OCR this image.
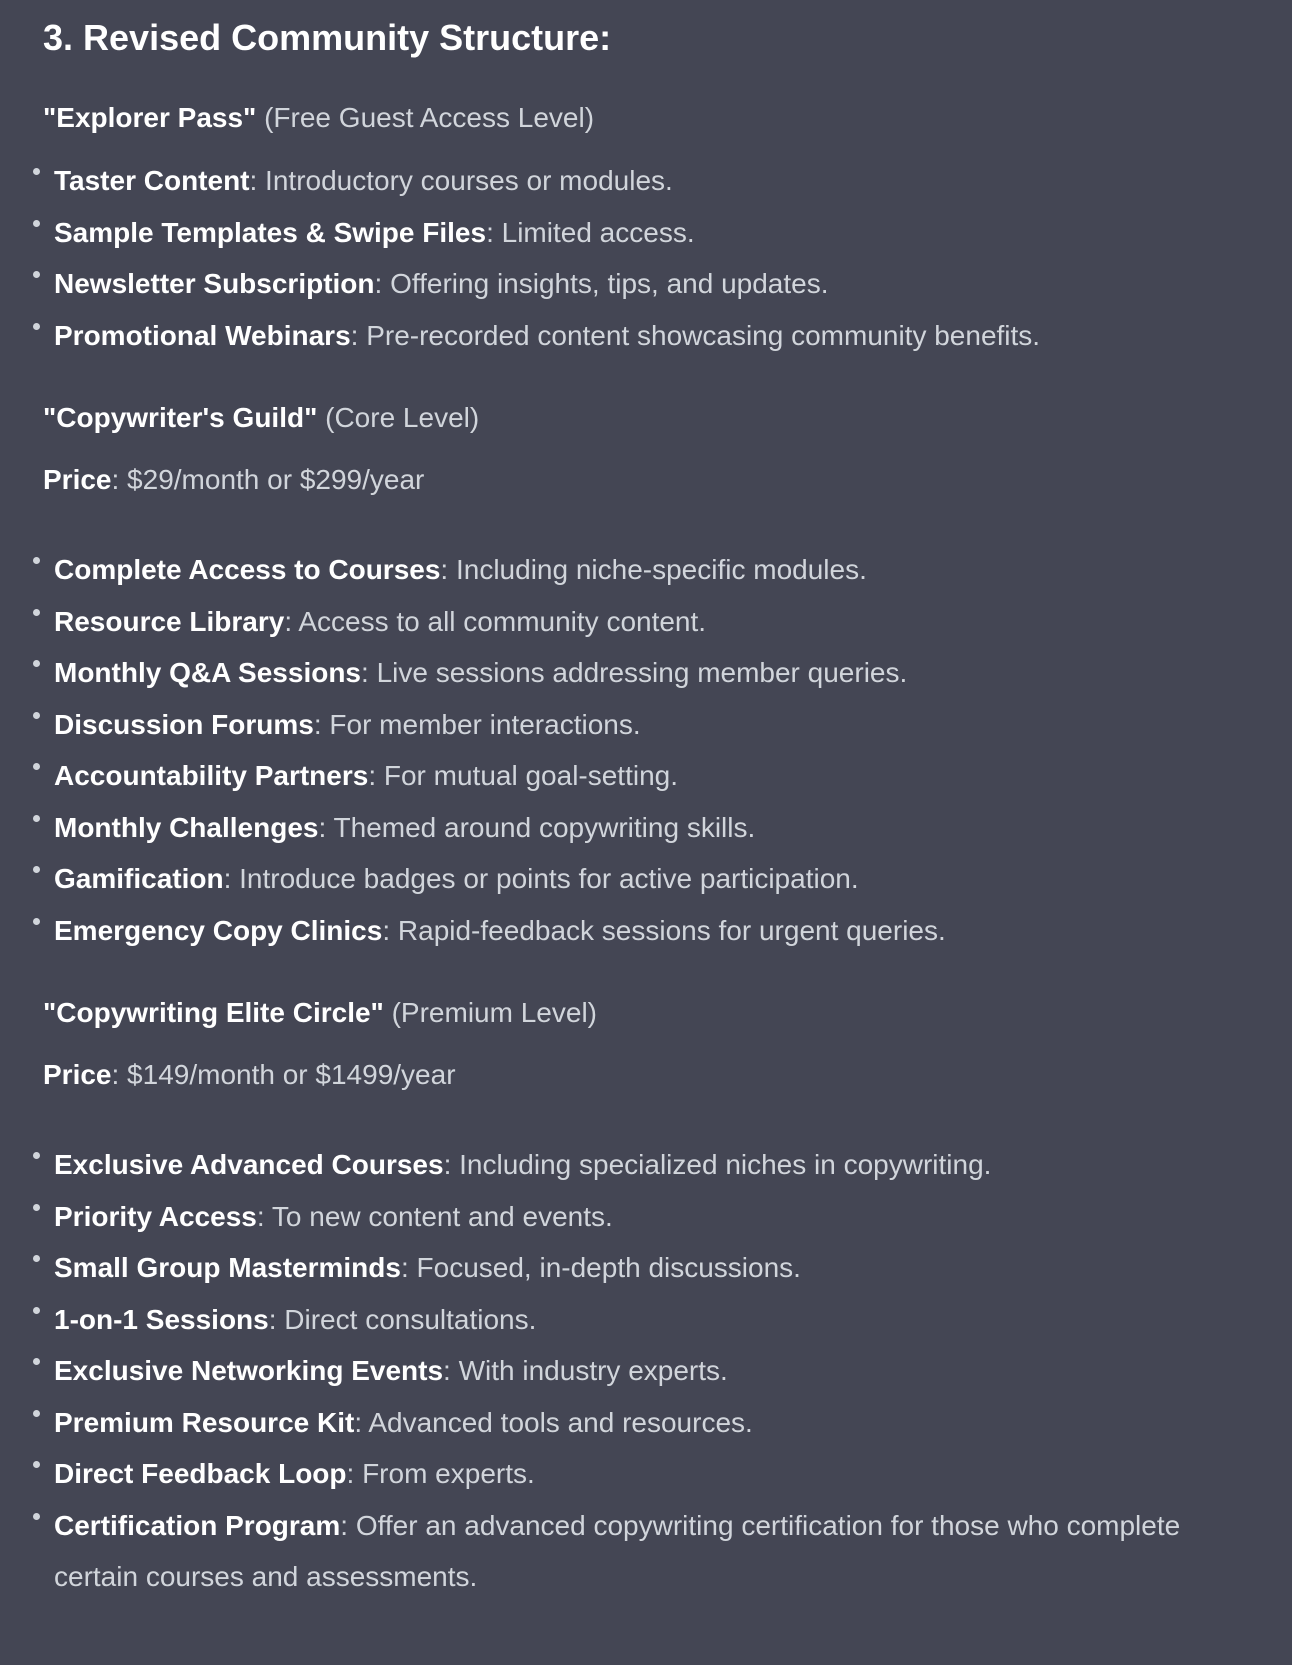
3. Revised Community Structure:

"Explorer Pass" (Free Guest Access Level)

Taster Content: Introductory courses or modules.
Sample Templates & Swipe Files: Limited access.
Newsletter Subscription: Offering insights, tips, and updates.
Promotional Webinars: Pre-recorded content showcasing community benefits.

"Copywriter's Guild" (Core Level)

Price: $29/month or $299/year

Complete Access to Courses: Including niche-specific modules.
Resource Library: Access to all community content.
Monthly Q&A Sessions: Live sessions addressing member queries.
Discussion Forums: For member interactions.
Accountability Partners: For mutual goal-setting.
Monthly Challenges: Themed around copywriting skills.
Gamification: Introduce badges or points for active participation.
Emergency Copy Clinics: Rapid-feedback sessions for urgent queries.

"Copywriting Elite Circle" (Premium Level)

Price: $149/month or $1499/year

Exclusive Advanced Courses: Including specialized niches in copywriting.
Priority Access: To new content and events.
Small Group Masterminds: Focused, in-depth discussions.
1-on-1 Sessions: Direct consultations.
Exclusive Networking Events: With industry experts.
Premium Resource Kit: Advanced tools and resources.
Direct Feedback Loop: From experts.
Certification Program: Offer an advanced copywriting certification for those who complete certain courses and assessments.
